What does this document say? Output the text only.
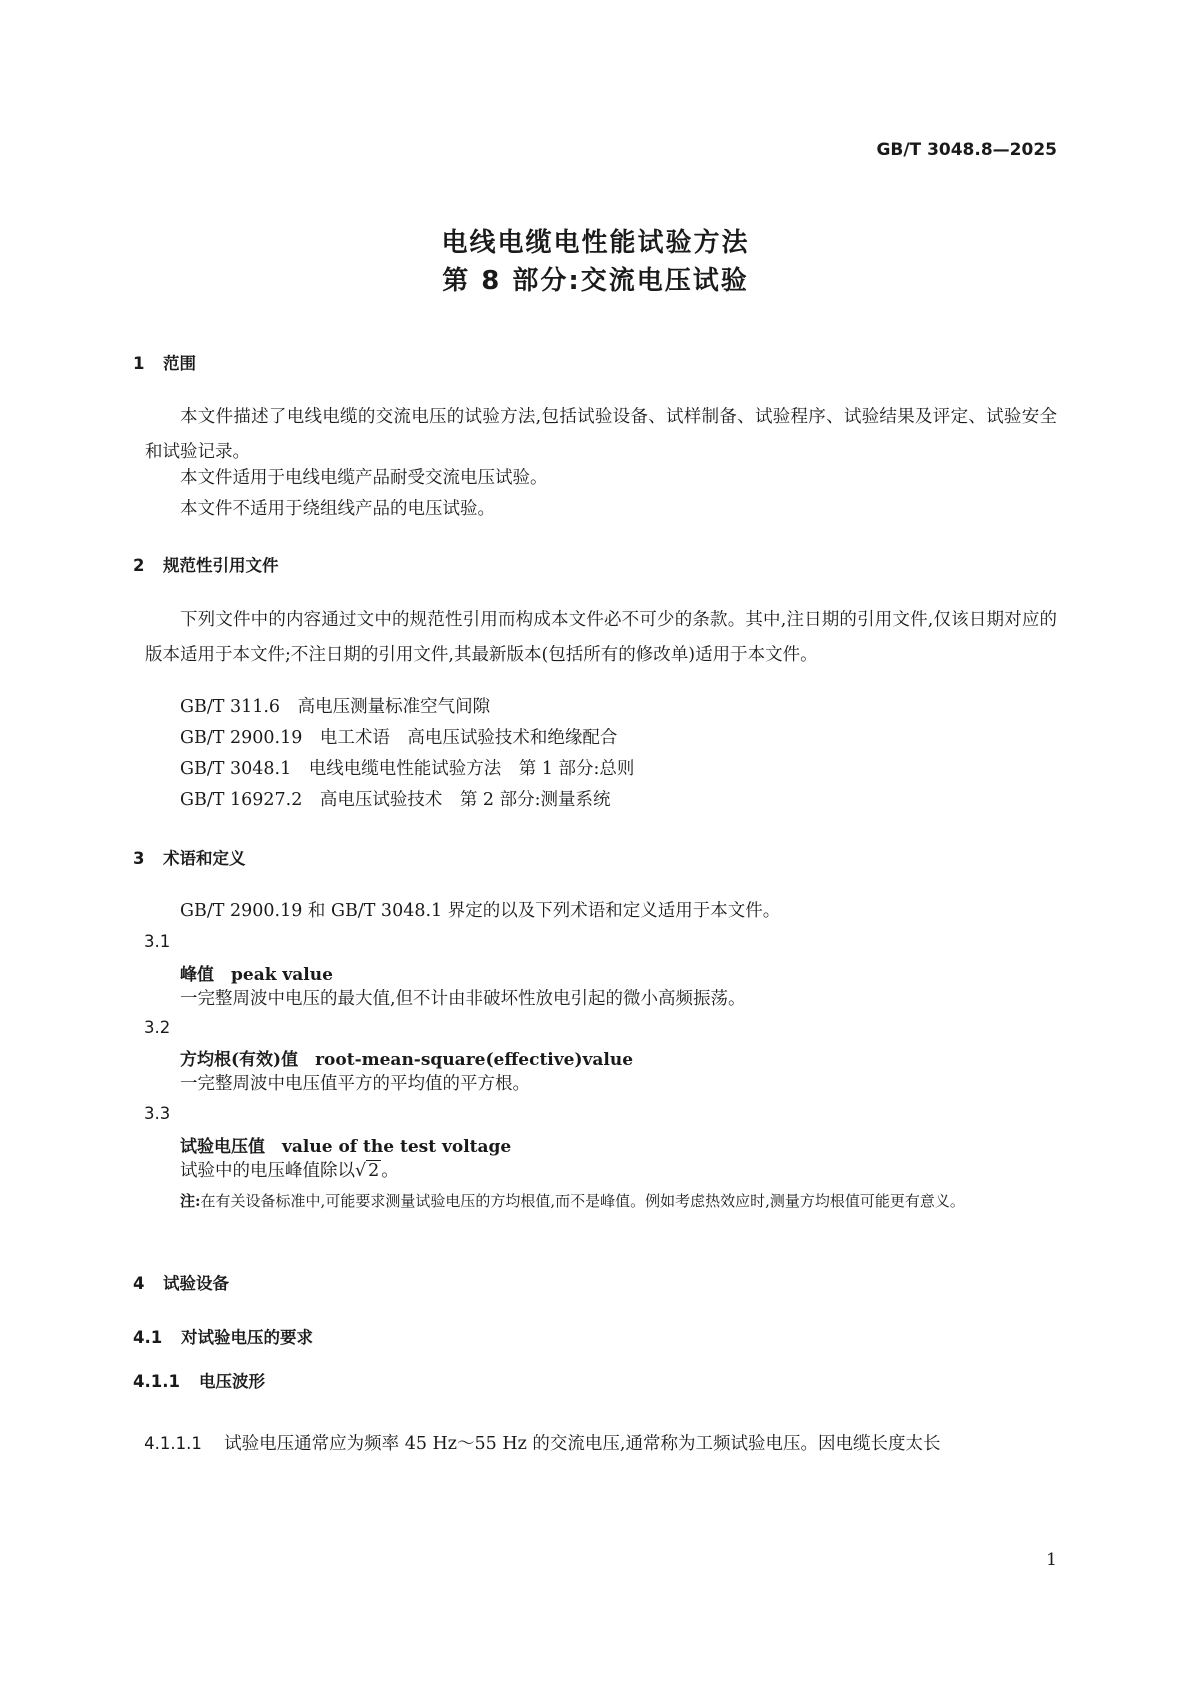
GB/T 3048.8—2025
电线电缆电性能试验方法
第 8 部分:交流电压试验
1 范围

本文件描述了电线电缆的交流电压的试验方法,包括试验设备、试样制备、试验程序、试验结果及评定、试验安全和试验记录。

本文件适用于电线电缆产品耐受交流电压试验。

本文件不适用于绕组线产品的电压试验。

2 规范性引用文件

下列文件中的内容通过文中的规范性引用而构成本文件必不可少的条款。其中,注日期的引用文件,仅该日期对应的版本适用于本文件;不注日期的引用文件,其最新版本(包括所有的修改单)适用于本文件。

GB/T 311.6　高电压测量标准空气间隙
GB/T 2900.19　电工术语　高电压试验技术和绝缘配合
GB/T 3048.1　电线电缆电性能试验方法　第 1 部分:总则
GB/T 16927.2　高电压试验技术　第 2 部分:测量系统
3 术语和定义
GB/T 2900.19 和 GB/T 3048.1 界定的以及下列术语和定义适用于本文件。
3.1
峰值　peak value
一完整周波中电压的最大值,但不计由非破坏性放电引起的微小高频振荡。
3.2
方均根(有效)值　root-mean-square(effective)value
一完整周波中电压值平方的平均值的平方根。
3.3
试验电压值　value of the test voltage
试验中的电压峰值除以√ 2 。
注:在有关设备标准中,可能要求测量试验电压的方均根值,而不是峰值。例如考虑热效应时,测量方均根值可能更有意义。
4 试验设备
4.1 对试验电压的要求
4.1.1 电压波形

4.1.1.1 试验电压通常应为频率 45 Hz～55 Hz 的交流电压,通常称为工频试验电压。因电缆长度太长

1
